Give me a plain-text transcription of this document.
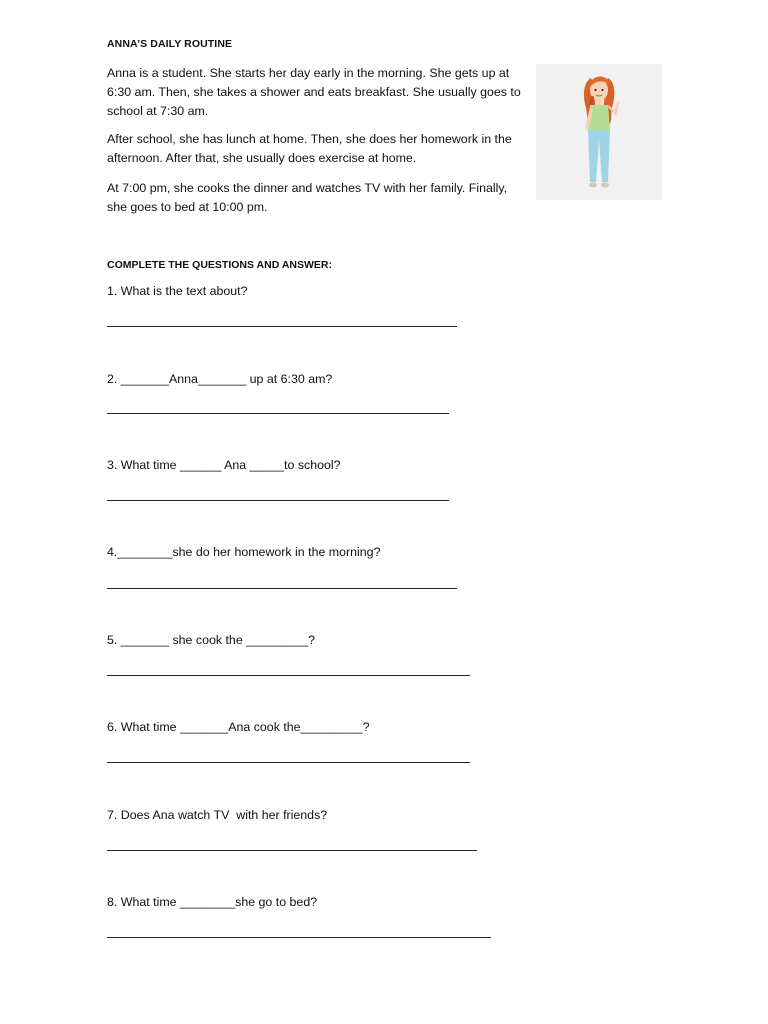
ANNA’S DAILY ROUTINE

Anna is a student. She starts her day early in the morning. She gets up at 6:30 am. Then, she takes a shower and eats breakfast. She usually goes to school at 7:30 am.

After school, she has lunch at home. Then, she does her homework in the afternoon. After that, she usually does exercise at home.

At 7:00 pm, she cooks the dinner and watches TV with her family. Finally, she goes to bed at 10:00 pm.

COMPLETE THE QUESTIONS AND ANSWER:
1. What is the text about?
2. _______Anna_______ up at 6:30 am?
3. What time ______ Ana _____to school?
4.________she do her homework in the morning?
5. _______ she cook the _________?
6. What time _______Ana cook the_________?
7. Does Ana watch TV  with her friends?
8. What time ________she go to bed?
